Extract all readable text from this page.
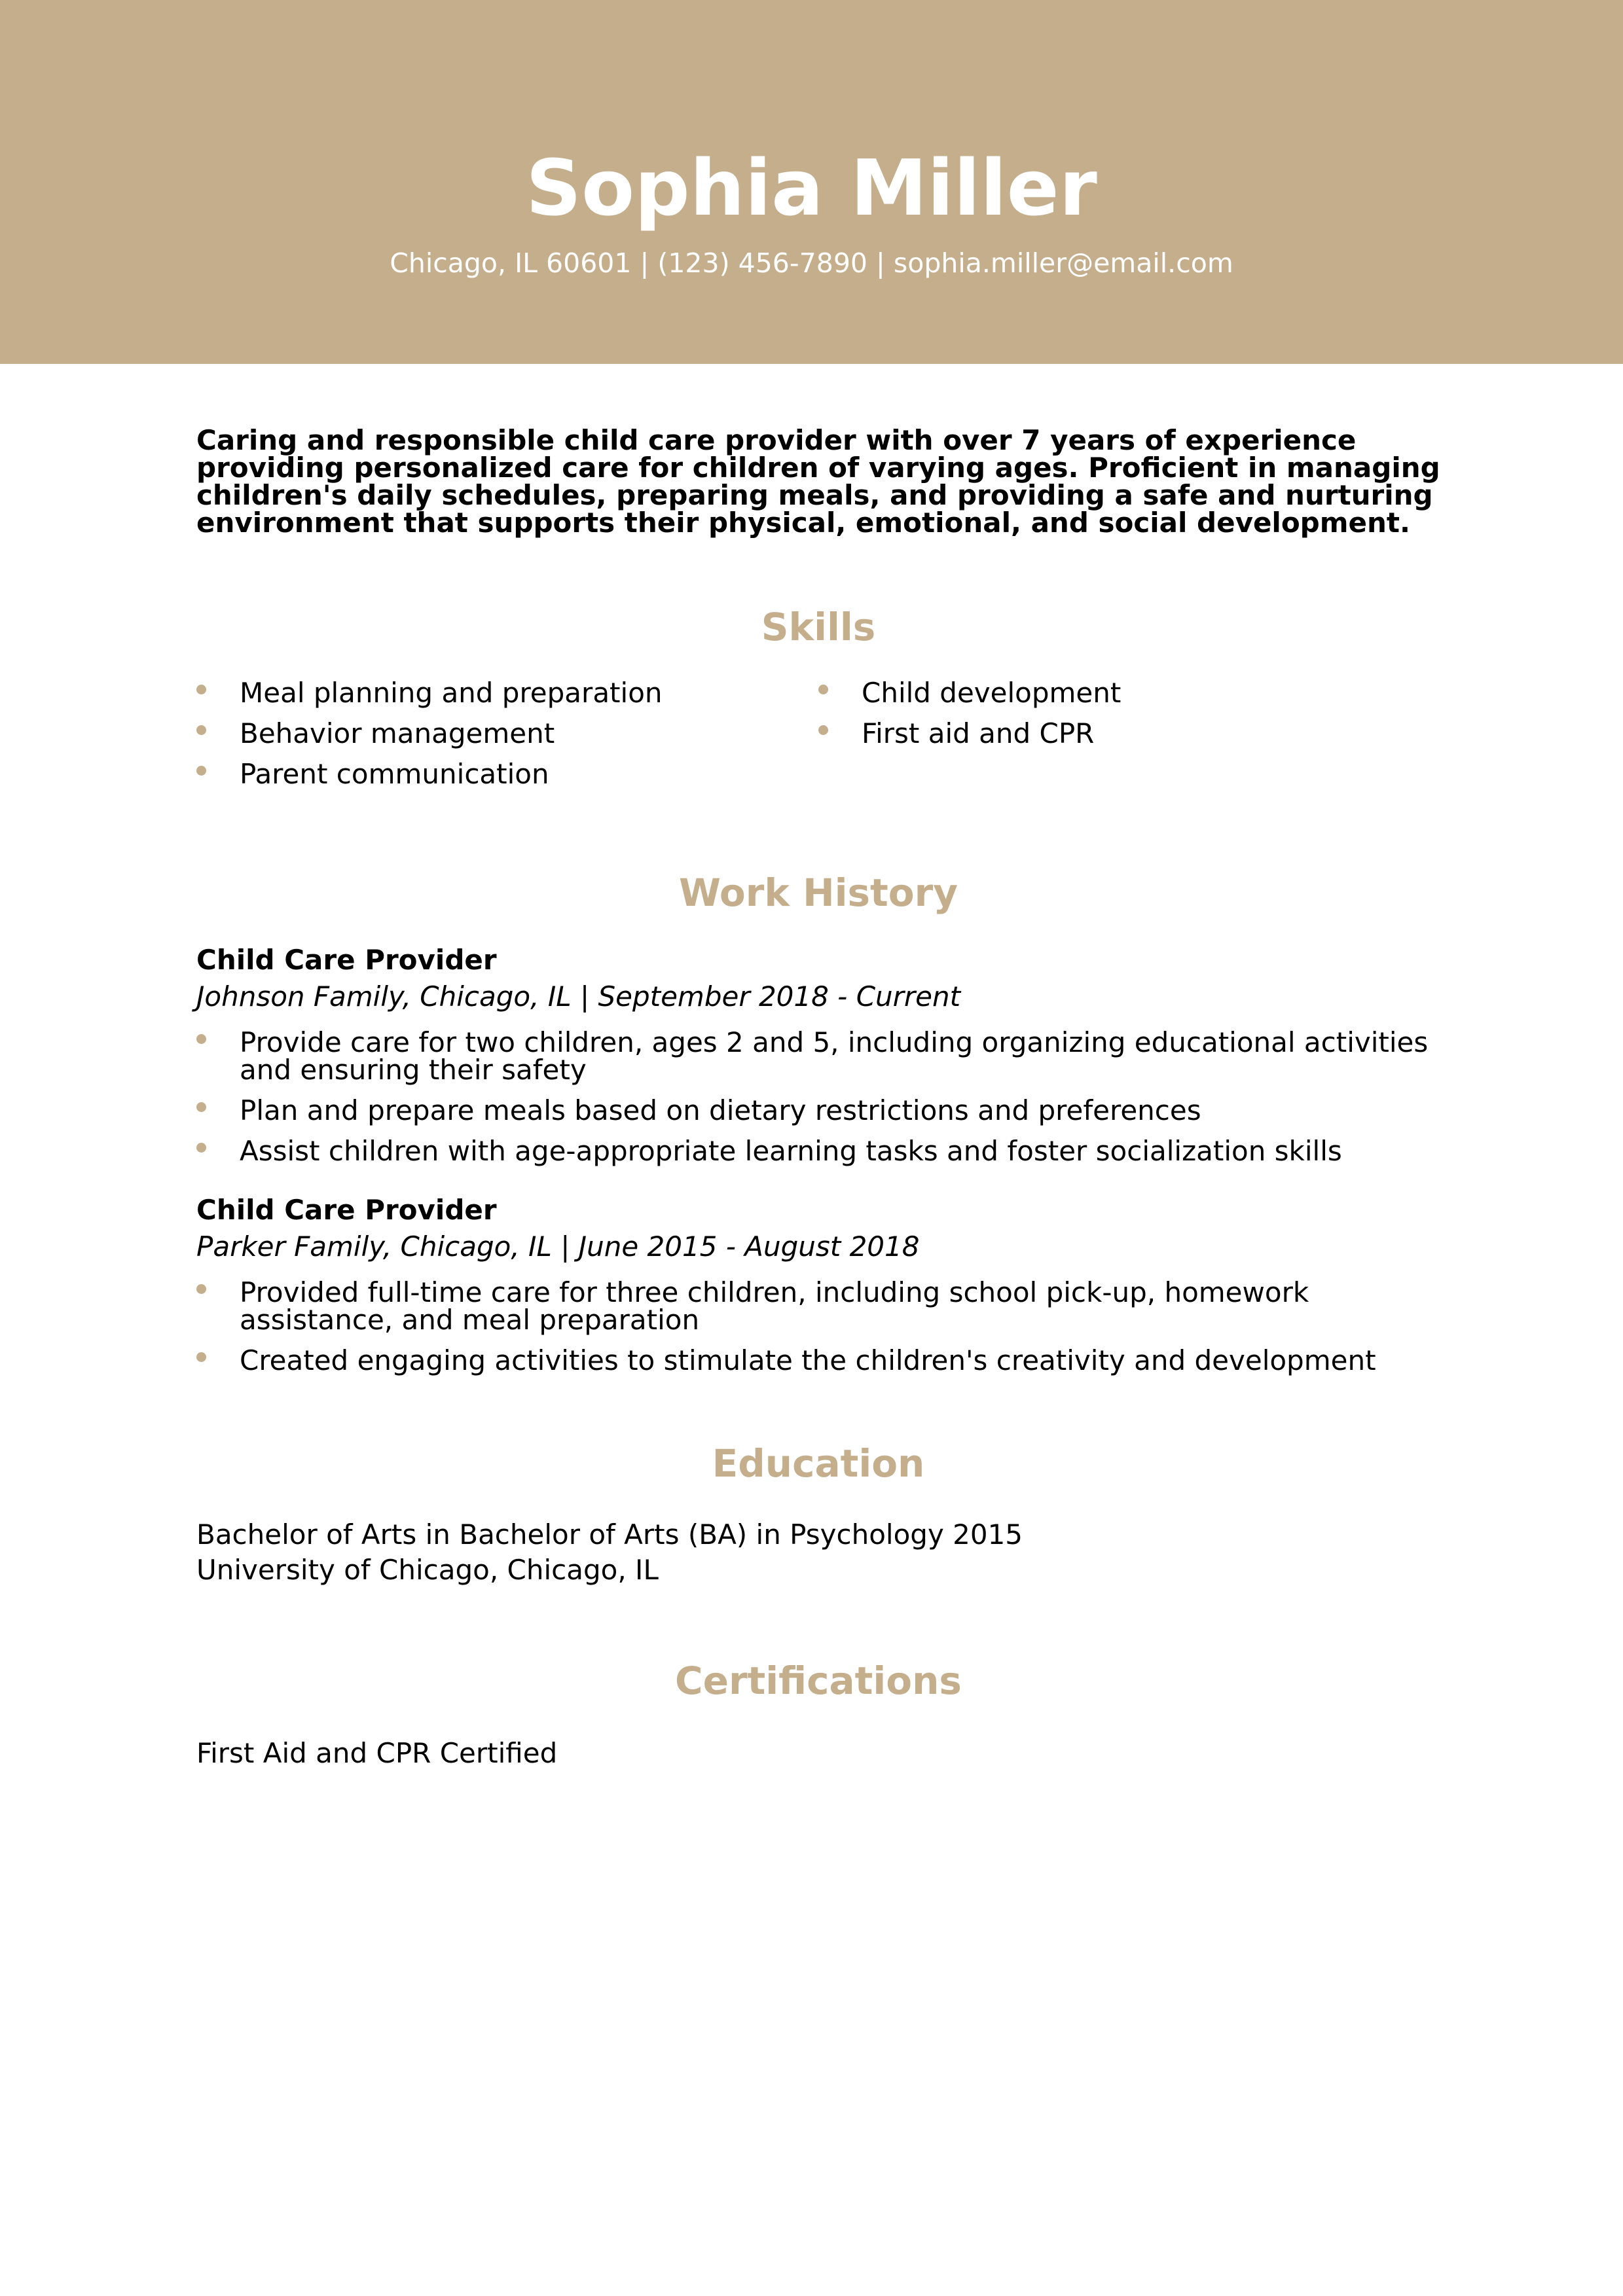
Sophia Miller
Chicago, IL 60601 | (123) 456-7890 | sophia.miller@email.com

Caring and responsible child care provider with over 7 years of experience providing personalized care for children of varying ages. Proficient in managing children's daily schedules, preparing meals, and providing a safe and nurturing environment that supports their physical, emotional, and social development.

Skills
Meal planning and preparation
Behavior management
Parent communication
Child development
First aid and CPR
Work History
Child Care Provider
Johnson Family, Chicago, IL | September 2018 - Current
Provide care for two children, ages 2 and 5, including organizing educational activities and ensuring their safety
Plan and prepare meals based on dietary restrictions and preferences
Assist children with age-appropriate learning tasks and foster socialization skills
Child Care Provider
Parker Family, Chicago, IL | June 2015 - August 2018
Provided full-time care for three children, including school pick-up, homework assistance, and meal preparation
Created engaging activities to stimulate the children's creativity and development
Education
Bachelor of Arts in Bachelor of Arts (BA) in Psychology 2015
University of Chicago, Chicago, IL
Certifications
First Aid and CPR Certified
